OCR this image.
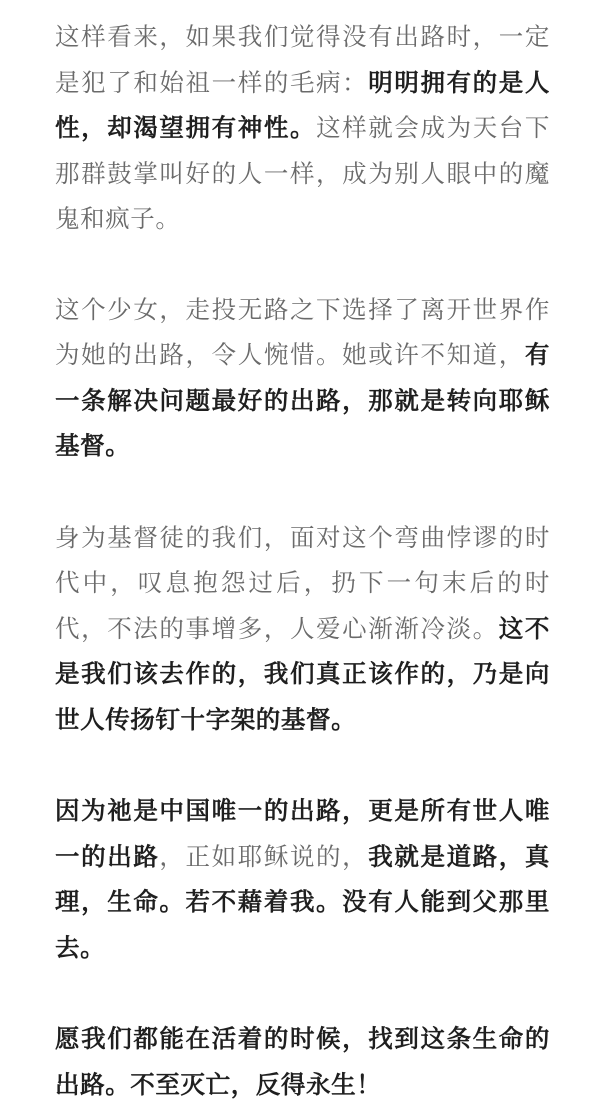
这样看来，如果我们觉得没有出路时，一定是犯了和始祖一样的毛病：明明拥有的是人性，却渴望拥有神性。这样就会成为天台下那群鼓掌叫好的人一样，成为别人眼中的魔鬼和疯子。

这个少女，走投无路之下选择了离开世界作为她的出路，令人惋惜。她或许不知道，有一条解决问题最好的出路，那就是转向耶稣基督。

身为基督徒的我们，面对这个弯曲悖谬的时代中，叹息抱怨过后，扔下一句末后的时代，不法的事增多，人爱心渐渐冷淡。这不是我们该去作的，我们真正该作的，乃是向世人传扬钉十字架的基督。

因为祂是中国唯一的出路，更是所有世人唯一的出路，正如耶稣说的，我就是道路，真理，生命。若不藉着我。没有人能到父那里去。

愿我们都能在活着的时候，找到这条生命的出路。不至灭亡，反得永生！
